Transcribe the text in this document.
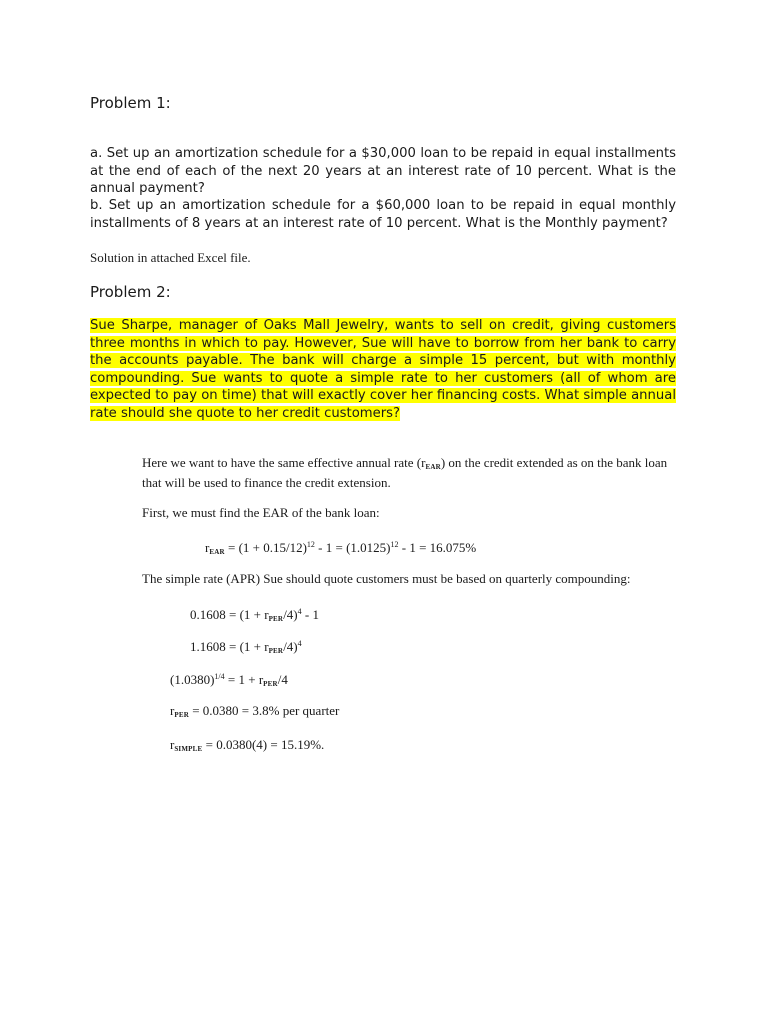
Problem 1:
a. Set up an amortization schedule for a $30,000 loan to be repaid in equal installments at the end of each of the next 20 years at an interest rate of 10 percent. What is the annual payment?
b. Set up an amortization schedule for a $60,000 loan to be repaid in equal monthly installments of 8 years at an interest rate of 10 percent. What is the Monthly payment?
Solution in attached Excel file.
Problem 2:
Sue Sharpe, manager of Oaks Mall Jewelry, wants to sell on credit, giving customers three months in which to pay. However, Sue will have to borrow from her bank to carry the accounts payable. The bank will charge a simple 15 percent, but with monthly compounding. Sue wants to quote a simple rate to her customers (all of whom are expected to pay on time) that will exactly cover her financing costs. What simple annual rate should she quote to her credit customers?
Here we want to have the same effective annual rate $(r_{EAR})$ on the credit extended as on the bank loan that will be used to finance the credit extension.
First, we must find the EAR of the bank loan:
$r_{EAR} = (1 + 0.15/12)^{12} - 1 = (1.0125)^{12} - 1 = 16.075\%$
The simple rate (APR) Sue should quote customers must be based on quarterly compounding:
$0.1608 = (1 + r_{PER}/4)^4 - 1$
$1.1608 = (1 + r_{PER}/4)^4$
$(1.0380)^{1/4} = 1 + r_{PER}/4$
$r_{PER} = 0.0380 = 3.8\%$ per quarter
$r_{SIMPLE} = 0.0380(4) = 15.19\%$.
